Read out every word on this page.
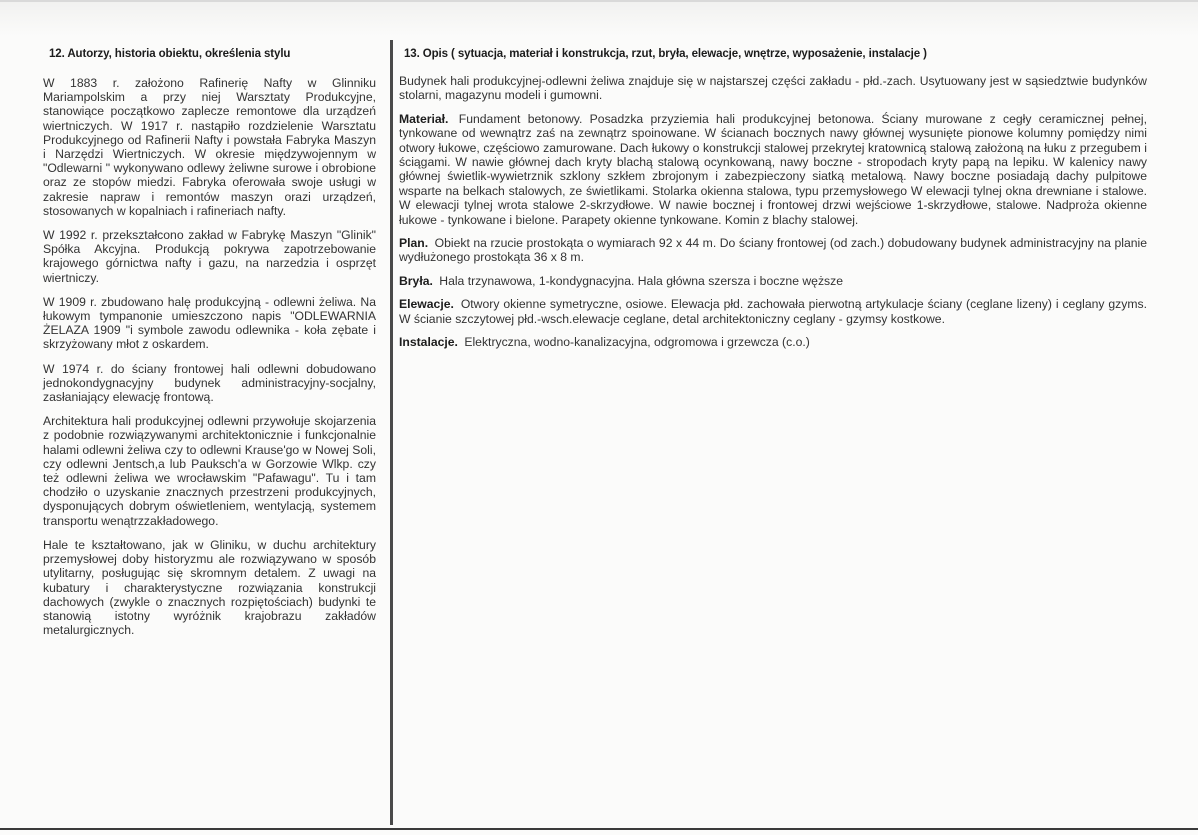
12. Autorzy, historia obiektu, określenia stylu

W 1883 r. założono Rafinerię Nafty w Glinniku Mariampolskim a przy niej Warsztaty Produkcyjne, stanowiące początkowo zaplecze remontowe dla urządzeń wiertniczych. W 1917 r. nastąpiło rozdzielenie Warsztatu Produkcyjnego od Rafinerii Nafty i powstała Fabryka Maszyn i Narzędzi Wiertniczych. W okresie międzywojennym w "Odlewarni " wykonywano odlewy żeliwne surowe i obrobione oraz ze stopów miedzi. Fabryka oferowała swoje usługi w zakresie napraw i remontów maszyn orazi urządzeń, stosowanych w kopalniach i rafineriach nafty.

W 1992 r. przekształcono zakład w Fabrykę Maszyn "Glinik" Spółka Akcyjna. Produkcją pokrywa zapotrzebowanie krajowego górnictwa nafty i gazu, na narzedzia i osprzęt wiertniczy.

W 1909 r. zbudowano halę produkcyjną - odlewni żeliwa. Na łukowym tympanonie umieszczono napis "ODLEWARNIA ŻELAZA 1909 "i symbole zawodu odlewnika - koła zębate i skrzyżowany młot z oskardem.

W 1974 r. do ściany frontowej hali odlewni dobudowano jednokondygnacyjny budynek administracyjny-socjalny, zasłaniający elewację frontową.

Architektura hali produkcyjnej odlewni przywołuje skojarzenia z podobnie rozwiązywanymi architektonicznie i funkcjonalnie halami odlewni żeliwa czy to odlewni Krause'go w Nowej Soli, czy odlewni Jentsch,a lub Pauksch'a w Gorzowie Wlkp. czy też odlewni żeliwa we wrocławskim "Pafawagu". Tu i tam chodziło o uzyskanie znacznych przestrzeni produkcyjnych, dysponujących dobrym oświetleniem, wentylacją, systemem transportu wenątrzzakładowego.

Hale te kształtowano, jak w Gliniku, w duchu architektury przemysłowej doby historyzmu ale rozwiązywano w sposób utylitarny, posługując się skromnym detalem. Z uwagi na kubatury i charakterystyczne rozwiązania konstrukcji dachowych (zwykle o znacznych rozpiętościach) budynki te stanowią istotny wyróżnik krajobrazu zakładów metalurgicznych.

13. Opis ( sytuacja, materiał i konstrukcja, rzut, bryła, elewacje, wnętrze, wyposażenie, instalacje )

Budynek hali produkcyjnej-odlewni żeliwa znajduje się w najstarszej części zakładu - płd.-zach. Usytuowany jest w sąsiedztwie budynków stolarni, magazynu modeli i gumowni.

Materiał. Fundament betonowy. Posadzka przyziemia hali produkcyjnej betonowa. Ściany murowane z cegły ceramicznej pełnej, tynkowane od wewnątrz zaś na zewnątrz spoinowane. W ścianach bocznych nawy głównej wysunięte pionowe kolumny pomiędzy nimi otwory łukowe, częściowo zamurowane. Dach łukowy o konstrukcji stalowej przekrytej kratownicą stalową założoną na łuku z przegubem i ściągami. W nawie głównej dach kryty blachą stalową ocynkowaną, nawy boczne - stropodach kryty papą na lepiku. W kalenicy nawy głównej świetlik-wywietrznik szklony szkłem zbrojonym i zabezpieczony siatką metalową. Nawy boczne posiadają dachy pulpitowe wsparte na belkach stalowych, ze świetlikami. Stolarka okienna stalowa, typu przemysłowego W elewacji tylnej okna drewniane i stalowe. W elewacji tylnej wrota stalowe 2-skrzydłowe. W nawie bocznej i frontowej drzwi wejściowe 1-skrzydłowe, stalowe. Nadproża okienne łukowe - tynkowane i bielone. Parapety okienne tynkowane. Komin z blachy stalowej.

Plan. Obiekt na rzucie prostokąta o wymiarach 92 x 44 m. Do ściany frontowej (od zach.) dobudowany budynek administracyjny na planie wydłużonego prostokąta 36 x 8 m.

Bryła. Hala trzynawowa, 1-kondygnacyjna. Hala główna szersza i boczne węższe

Elewacje. Otwory okienne symetryczne, osiowe. Elewacja płd. zachowała pierwotną artykulacje ściany (ceglane lizeny) i ceglany gzyms. W ścianie szczytowej płd.-wsch.elewacje ceglane, detal architektoniczny ceglany - gzymsy kostkowe.

Instalacje. Elektryczna, wodno-kanalizacyjna, odgromowa i grzewcza (c.o.)
